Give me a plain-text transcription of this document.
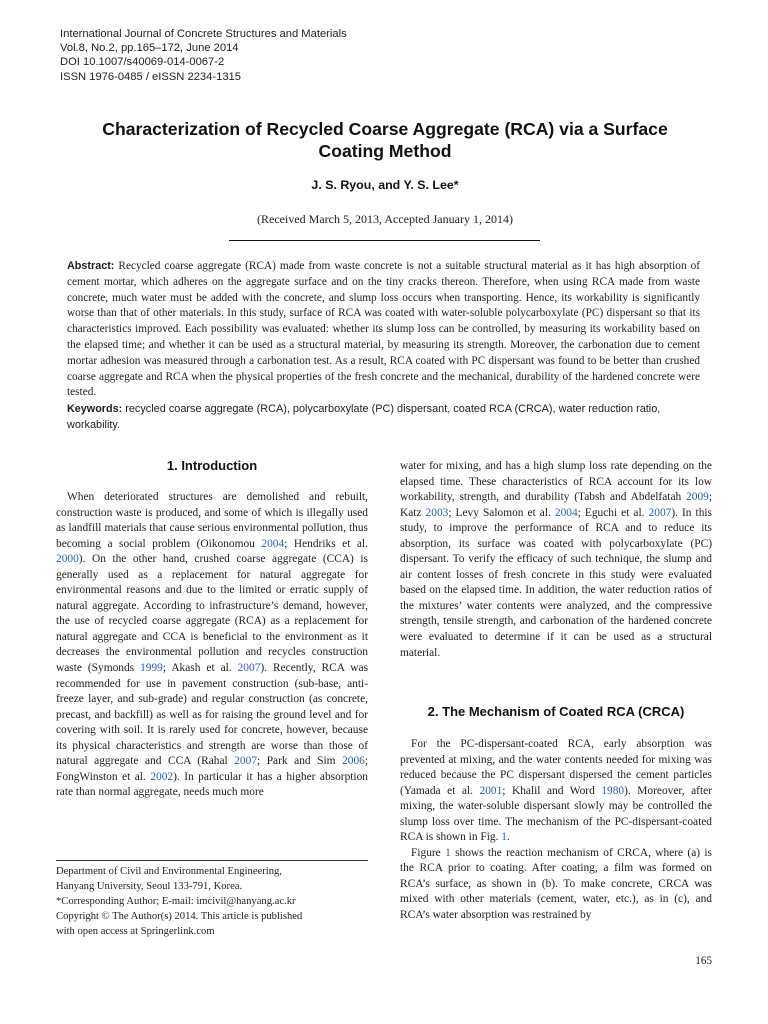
International Journal of Concrete Structures and Materials
Vol.8, No.2, pp.165–172, June 2014
DOI 10.1007/s40069-014-0067-2
ISSN 1976-0485 / eISSN 2234-1315
Characterization of Recycled Coarse Aggregate (RCA) via a Surface
Coating Method
J. S. Ryou, and Y. S. Lee*
(Received March 5, 2013, Accepted January 1, 2014)
Abstract: Recycled coarse aggregate (RCA) made from waste concrete is not a suitable structural material as it has high absorption of cement mortar, which adheres on the aggregate surface and on the tiny cracks thereon. Therefore, when using RCA made from waste concrete, much water must be added with the concrete, and slump loss occurs when transporting. Hence, its workability is significantly worse than that of other materials. In this study, surface of RCA was coated with water-soluble polycarboxylate (PC) dispersant so that its characteristics improved. Each possibility was evaluated: whether its slump loss can be controlled, by measuring its workability based on the elapsed time; and whether it can be used as a structural material, by measuring its strength. Moreover, the carbonation due to cement mortar adhesion was measured through a carbonation test. As a result, RCA coated with PC dispersant was found to be better than crushed coarse aggregate and RCA when the physical properties of the fresh concrete and the mechanical, durability of the hardened concrete were tested.
Keywords: recycled coarse aggregate (RCA), polycarboxylate (PC) dispersant, coated RCA (CRCA), water reduction ratio, workability.
1. Introduction

When deteriorated structures are demolished and rebuilt, construction waste is produced, and some of which is illegally used as landfill materials that cause serious environmental pollution, thus becoming a social problem (Oikonomou 2004; Hendriks et al. 2000). On the other hand, crushed coarse aggregate (CCA) is generally used as a replacement for natural aggregate for environmental reasons and due to the limited or erratic supply of natural aggregate. According to infrastructure’s demand, however, the use of recycled coarse aggregate (RCA) as a replacement for natural aggregate and CCA is beneficial to the environment as it decreases the environmental pollution and recycles construction waste (Symonds 1999; Akash et al. 2007). Recently, RCA was recommended for use in pavement construction (sub-base, anti-freeze layer, and sub-grade) and regular construction (as concrete, precast, and backfill) as well as for raising the ground level and for covering with soil. It is rarely used for concrete, however, because its physical characteristics and strength are worse than those of natural aggregate and CCA (Rahal 2007; Park and Sim 2006; FongWinston et al. 2002). In particular it has a higher absorption rate than normal aggregate, needs much more

water for mixing, and has a high slump loss rate depending on the elapsed time. These characteristics of RCA account for its low workability, strength, and durability (Tabsh and Abdelfatah 2009; Katz 2003; Levy Salomon et al. 2004; Eguchi et al. 2007). In this study, to improve the performance of RCA and to reduce its absorption, its surface was coated with polycarboxylate (PC) dispersant. To verify the efficacy of such technique, the slump and air content losses of fresh concrete in this study were evaluated based on the elapsed time. In addition, the water reduction ratios of the mixtures’ water contents were analyzed, and the compressive strength, tensile strength, and carbonation of the hardened concrete were evaluated to determine if it can be used as a structural material.

2. The Mechanism of Coated RCA (CRCA)

For the PC-dispersant-coated RCA, early absorption was prevented at mixing, and the water contents needed for mixing was reduced because the PC dispersant dispersed the cement particles (Yamada et al. 2001; Khalil and Word 1980). Moreover, after mixing, the water-soluble dispersant slowly may be controlled the slump loss over time. The mechanism of the PC-dispersant-coated RCA is shown in Fig. 1.

Figure 1 shows the reaction mechanism of CRCA, where (a) is the RCA prior to coating. After coating, a film was formed on RCA’s surface, as shown in (b). To make concrete, CRCA was mixed with other materials (cement, water, etc.), as in (c), and RCA’s water absorption was restrained by

Department of Civil and Environmental Engineering,
Hanyang University, Seoul 133-791, Korea.
*Corresponding Author; E-mail: imcivil@hanyang.ac.kr
Copyright © The Author(s) 2014. This article is published
with open access at Springerlink.com
165
